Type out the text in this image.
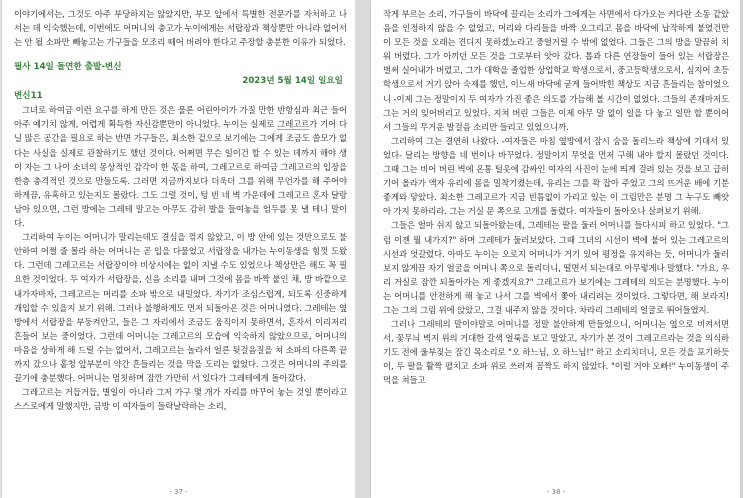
이야기에서는, 그것도 아주 부당하지는 않았지만, 부모 앞에서 특별한 전문가를 자처하고 나서는 데 익숙했는데, 이번에도 어머니의 충고가 누이에게는 서랍장과 책상뿐만 아니라 없어서는 안 될 소파만 빼놓고는 가구들을 모조리 떼어 버려야 한다고 주장할 충분한 이유가 되었다.

필사 14일 돌연한 출발-변신

2023년 5월 14일 일요일

변신11

그녀로 하여금 이런 요구를 하게 만든 것은 물론 어린아이가 가질 만한 반항심과 최근 들어 아주 예기치 않게, 어렵게 획득한 자신감뿐만이 아니었다. 누이는 실제로 그레고르가 기어 다닐 많은 공간을 필요로 하는 반면 가구들은, 최소한 겉으로 보기에는 그에게 조금도 쓸모가 없다는 사실을 실제로 관찰하기도 했던 것이다. 어쩌면 무슨 일이건 할 수 있는 데까지 해야 생이 자는 그 나이 소녀의 몽상적인 감각이 한 몫을 하여, 그레고르로 하여금 그레고르의 입장을 한층 충격적인 것으로 만들도록. 그러면 지금까지보다 더욱더 그를 위해 무언가를 해 주어야 하게끔, 유혹하고 있는지도 몰랐다. 그도 그럴 것이, 텅 빈 네 벽 가운데에 그레고르 혼자 달랑 남아 있으면, 그런 방에는 그레테 말고는 아무도 감히 발을 들여놓을 엄두를 못 낼 테니 말이다.

그리하여 누이는 어머니가 말리는데도 결심을 꺾지 않았고, 이 방 안에 있는 것만으로도 불안하여 어쩔 줄 몰라 하는 어머니는 곧 입을 다물었고 서랍장을 내가는 누이동생을 힘껏 도왔다. 그런데 그레고르는 서랍장이야 비상시에는 없이 지낼 수도 있었으나 책상만은 해도 꼭 필요한 것이었다. 두 여자가 서랍장을, 신음 소리를 내며 그것에 몸을 바짝 붙인 채, 방 바깥으로 내가자마자, 그레고르는 머리를 소파 밖으로 내밀었다. 자기가 조심스럽게, 되도록 신중하게 개입할 수 있을지 보기 위해. 그러나 불행하게도 먼저 되돌아온 것은 어머니였다. 그레테는 옆방에서 서랍장을 부둥켜안고, 들은 그 자리에서 조금도 움직이지 못하면서, 혼자서 이리저리 흔들어 보는 중이었다. 그런데 어머니는 그레고르의 모습에 익숙하지 않았으므로, 어머니의 마음을 상하게 해 드릴 수는 없어서, 그레고르는 놀라서 얼른 뒷걸음질을 쳐 소파의 다른쪽 끝까지 갔으나 홑청 앞부분이 약간 흔들리는 것을 막을 도리는 없었다. 그것은 어머니의 주의를 끌기에 충분했다. 어머니는 멈칫하며 잠깐 가만히 서 있다가 그레테에게 돌아갔다.

그레고르는 거듭거듭, 별일이 아니라 그저 가구 몇 개가 자리를 바꾸어 놓는 것일 뿐이라고 스스로에게 말했지만, 금방 이 여자들이 들락날락하는 소리,

- 37 -

작게 부르는 소리, 가구들이 바닥에 끌리는 소리가 그에게는 사면에서 다가오는 커다란 소동 같았음을 인정하지 않을 수 없었고, 머리와 다리들을 바짝 오그리고 몸을 바닥에 납작하게 붙였건만 이 모든 것을 오래는 견디지 못하겠노라고 중얼거릴 수 밖에 없었다. 그들은 그의 방을 말끔히 치워 버렸다. 그가 아끼던 모든 것을 그로부터 앗아 갔다. 톱과 다른 연장들이 들어 있는 서랍장은 벌써 실어내가 버렸고, 그가 대학을 졸업한 상업학교 학생으로서, 중고등학생으로서, 심지어 초등학생으로서 거기 앉아 숙제를 했던, 이느새 바닥에 굳게 들어박힌 책상도 지금 흔들리는 참이었으니 -이제 그는 정말이지 두 여자가 가진 좋은 의도를 가늠해 볼 시간이 없었다. 그들의 존재마저도 그는 거의 잊어버리고 있었다. 지쳐 버린 그들은 이제 아무 말 없이 일을 다 놓고 일만 할 뿐이어서 그들의 무거운 발걸음 소리만 들리고 있었으니까.

그리하여 그는 결연히 나왔다. -여자들은 마침 옆방에서 잠시 숨을 돌리느라 책상에 기대서 있었다- 달리는 방향을 네 번이나 바꾸었다. 정말이지 무엇을 먼저 구해 내야 할지 몰랐던 것이다. 그때 그는 비어 버린 벽에 온통 털옷에 감싸인 여자의 사진이 눈에 띄게 걸려 있는 것을 보고 급히 기어 올라가 액자 유리에 몸을 밀착기켰는데, 유리는 그를 꽉 잡아 주었고 그의 뜨거운 배에 기분 좋게와 닿았다. 최소한 그레고르가 지금 빈틈없이 가리고 있는 이 그림만은 분명 그 누구도 빼앗아 가지 못하리라. 그는 거실 문 쪽으로 고개를 돌렸다. 여자들이 돌아오나 살펴보기 위해.

그들은 얼마 쉬지 않고 되돌아왔는데, 그레테는 팔을 둘러 어머니를 들다시피 하고 있었다. "그럼 이젠 뭘 내가지?" 하며 그레테가 둘러보았다. 그때 그녀의 시선이 벽에 붙어 있는 그레고르의 시선과 엇갈렸다. 아마도 누이는 오로지 어머니가 거기 있어 평정을 유지하는 듯, 어머니가 둘러보지 않게끔 자기 얼굴을 어머니 쪽으로 돌리더니, 떨면서 되는대로 아무렇게나 말했다. "가요, 우리 거실로 잠깐 되돌아가는 게 좋겠지요?" 그레고르가 보기에는 그레테의 의도는 분명했다. 누이는 어머니를 안전하게 해 놓고 나서 그를 벽에서 쫓아 내리려는 것이었다. 그렇다면, 해 보라지! 그는 그의 그림 위에 앉았고, 그걸 내주지 않을 것이다. 차라리 그레테의 얼굴로 뛰어들었지.

그러나 그레테의 말이야말로 어머니를 정말 불안하게 만들었으니, 어머니는 옆으로 비켜서면서, 꽃무늬 벽지 위의 거대한 갈색 얼룩을 보고 말았고, 자기가 본 것이 그레고르라는 것을 의식하기도 전에 울부짖는 잠긴 목소리로 "오 하느님, 오 하느님!" 하고 소리치더니, 모든 것을 포기하듯이, 두 팔을 활짝 펼치고 소파 위로 쓰러져 꼼짝도 하지 않았다. "이럴 거야 오빠!" 누이동생이 주먹을 쳐들고

- 38 -
